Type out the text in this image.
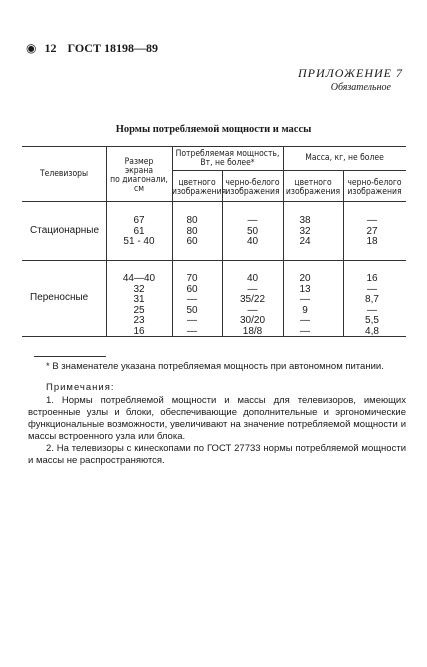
◉ 12 ГОСТ 18198—89
ПРИЛОЖЕНИЕ 7
Обязательное
Нормы потребляемой мощности и массы
Телевизоры
Размер
экрана
по диагонали,
см
Потребляемая мощность,
Вт, не более*	Масса, кг, не более
цветного
изображения
черно-белого
изображения
цветного
изображения
черно-белого
изображения
Стационарные
67
61
51 - 40
80
80
60
—
50
40
38
32
24
—
27
18
Переносные
44—40
32
31
25
23
16
70
60
—
50
—
—
40
—
35/22
—
30/20
18/8
20
13
—
9
—
—
16
—
8,7
—
5,5
4,8
* В знаменателе указана потребляемая мощность при автономном питании.
Примечания:
1. Нормы потребляемой мощности и массы для телевизоров, имеющих встроенные узлы и блоки, обеспечивающие дополнительные и эргономические функциональные возможности, увеличивают на значение потребляемой мощности и массы встроенного узла или блока.
2. На телевизоры с кинескопами по ГОСТ 27733 нормы потребляемой мощности и массы не распространяются.
